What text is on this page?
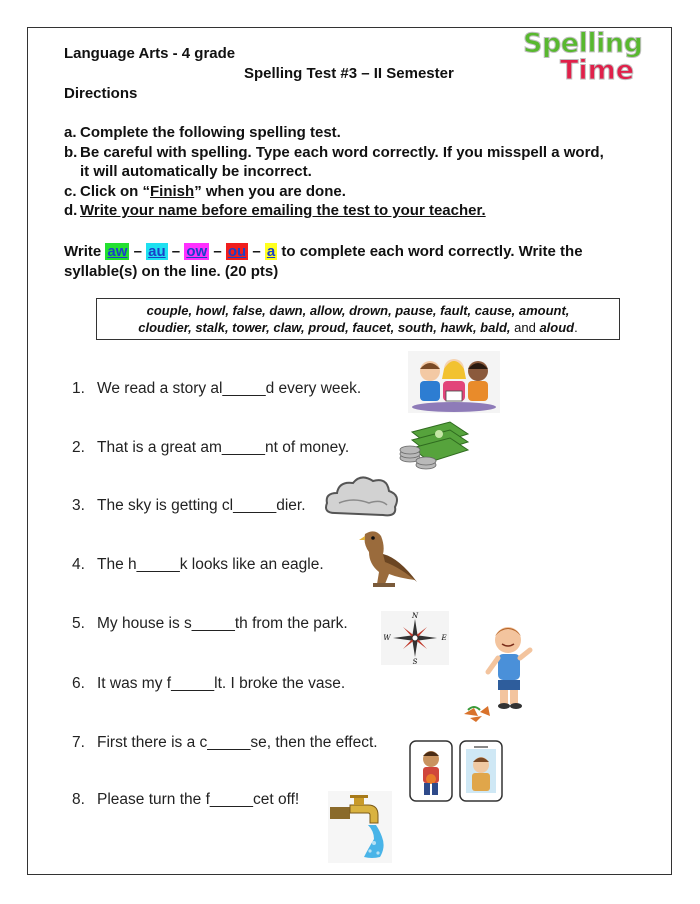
Language Arts - 4 grade
Spelling Test #3 – II Semester
Directions
Spelling
Time
a. Complete the following spelling test.
b. Be careful with spelling. Type each word correctly. If you misspell a word,
it will automatically be incorrect.
c. Click on “Finish” when you are done.
d. Write your name before emailing the test to your teacher.
Write aw – au – ow – ou – a to complete each word correctly. Write the
syllable(s) on the line. (20 pts)
couple, howl, false, dawn, allow, drown, pause, fault, cause, amount,
cloudier, stalk, tower, claw, proud, faucet, south, hawk, bald, and aloud.
1. We read a story al_____d every week.
2. That is a great am_____nt of money.
3. The sky is getting cl_____dier.
4. The h_____k looks like an eagle.
5. My house is s_____th from the park.
6. It was my f_____lt. I broke the vase.
7. First there is a c_____se, then the effect.
8. Please turn the f_____cet off!
N
S
E
W
